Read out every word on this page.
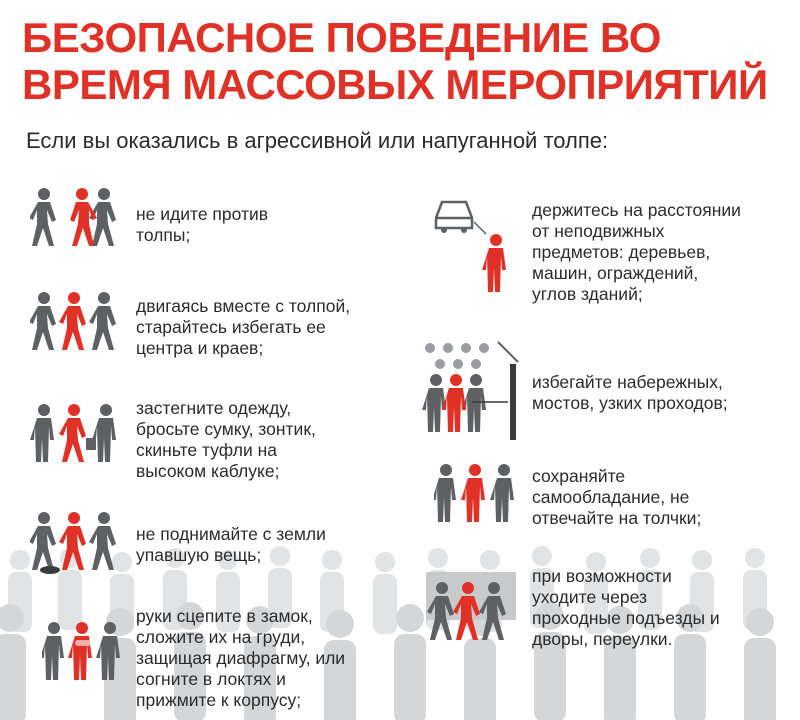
БЕЗОПАСНОЕ ПОВЕДЕНИЕ ВО
ВРЕМЯ МАССОВЫХ МЕРОПРИЯТИЙ
Если вы оказались в агрессивной или напуганной толпе:
не идите против
толпы;
двигаясь вместе с толпой,
старайтесь избегать ее
центра и краев;
застегните одежду,
бросьте сумку, зонтик,
скиньте туфли на
высоком каблуке;
не поднимайте с земли
упавшую вещь;
руки сцепите в замок,
сложите их на груди,
защищая диафрагму, или
согните в локтях и
прижмите к корпусу;
держитесь на расстоянии
от неподвижных
предметов: деревьев,
машин, ограждений,
углов зданий;
избегайте набережных,
мостов, узких проходов;
сохраняйте
самообладание, не
отвечайте на толчки;
при возможности
уходите через
проходные подъезды и
дворы, переулки.
